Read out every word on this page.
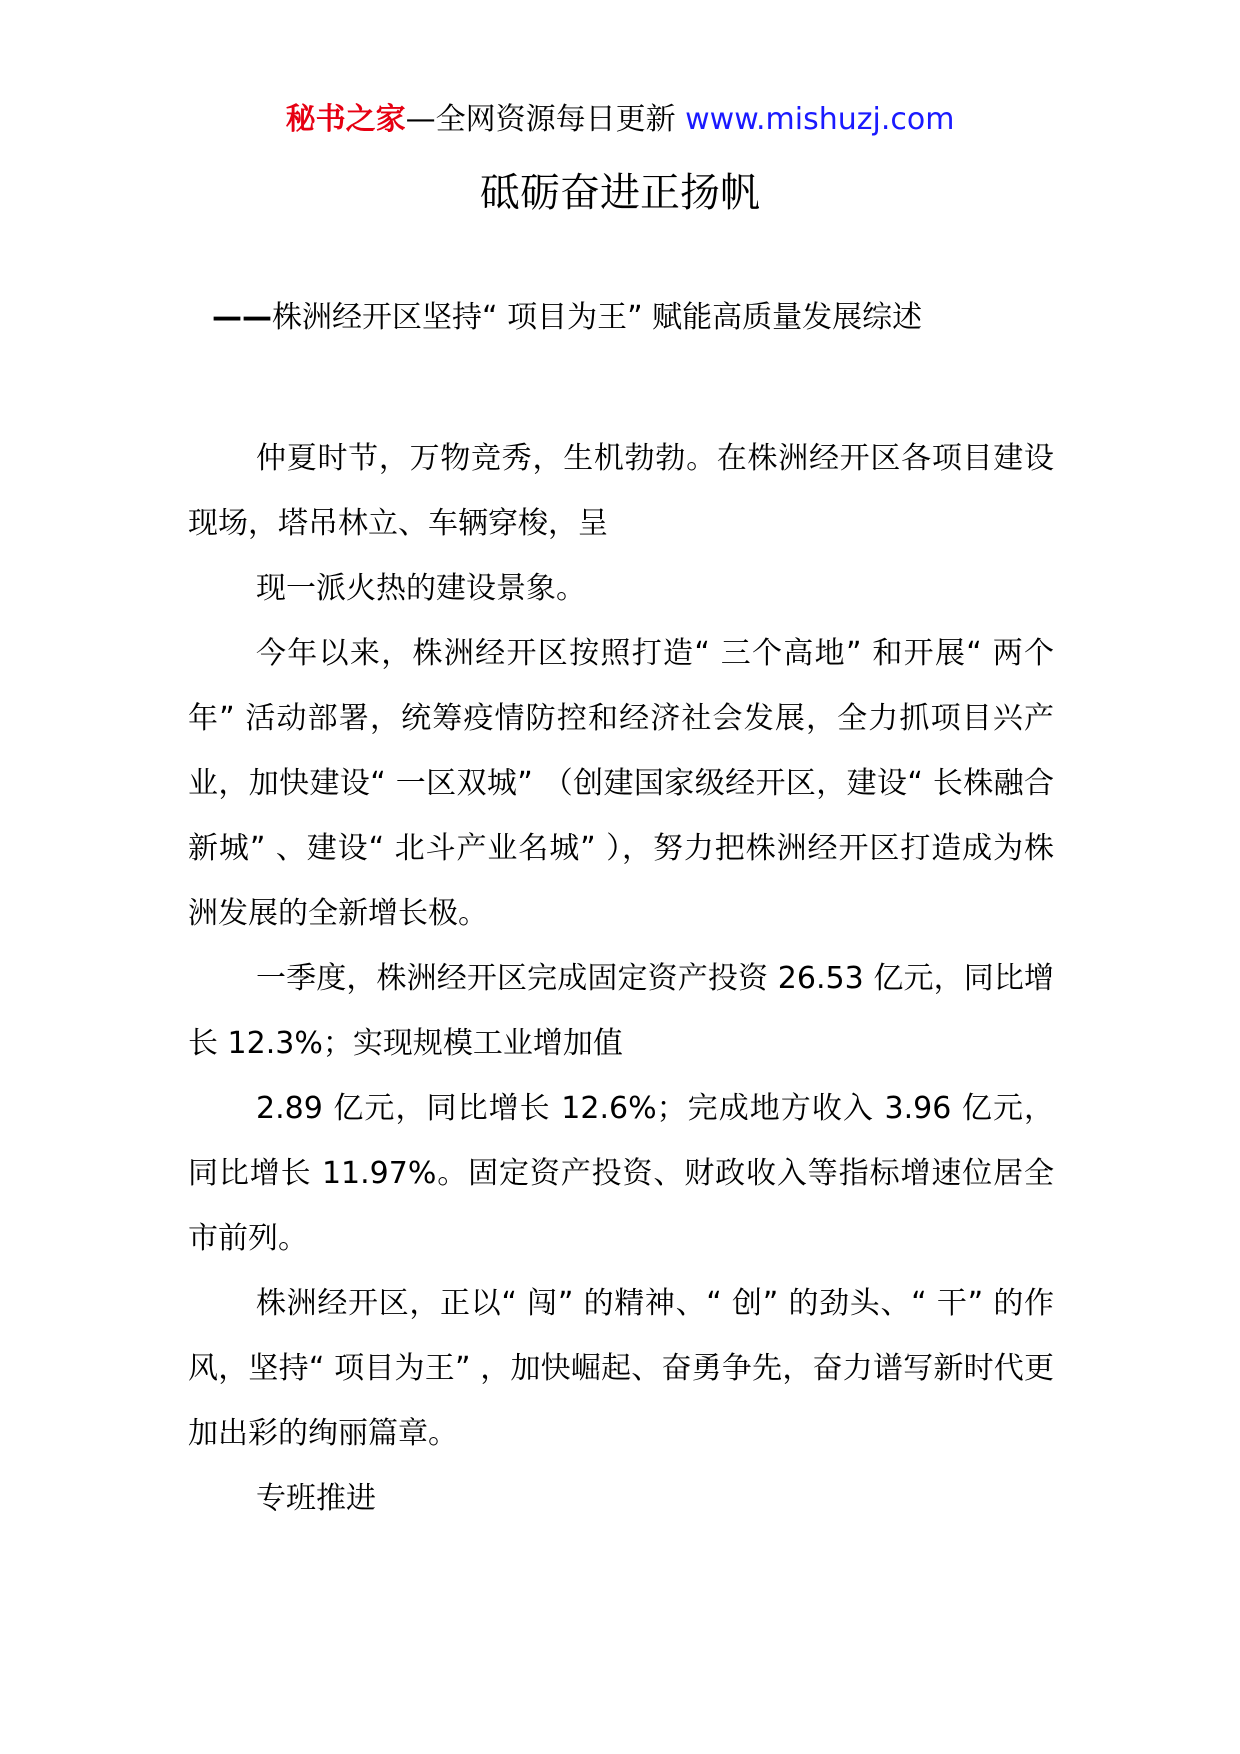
秘书之家—全网资源每日更新 www.mishuzj.com
砥砺奋进正扬帆
——株洲经开区坚持“ 项目为王” 赋能高质量发展综述

仲夏时节，万物竞秀，生机勃勃。在株洲经开区各项目建设现场，塔吊林立、车辆穿梭，呈

现一派火热的建设景象。

今年以来，株洲经开区按照打造“ 三个高地” 和开展“ 两个年” 活动部署，统筹疫情防控和经济社会发展，全力抓项目兴产业，加快建设“ 一区双城” （创建国家级经开区，建设“ 长株融合新城” 、建设“ 北斗产业名城” ），努力把株洲经开区打造成为株洲发展的全新增长极。

一季度，株洲经开区完成固定资产投资 26.53 亿元，同比增长 12.3%；实现规模工业增加值

2.89 亿元，同比增长 12.6%；完成地方收入 3.96 亿元，同比增长 11.97%。固定资产投资、财政收入等指标增速位居全市前列。

株洲经开区，正以“ 闯” 的精神、“ 创” 的劲头、“ 干” 的作风，坚持“ 项目为王” ，加快崛起、奋勇争先，奋力谱写新时代更加出彩的绚丽篇章。

专班推进
